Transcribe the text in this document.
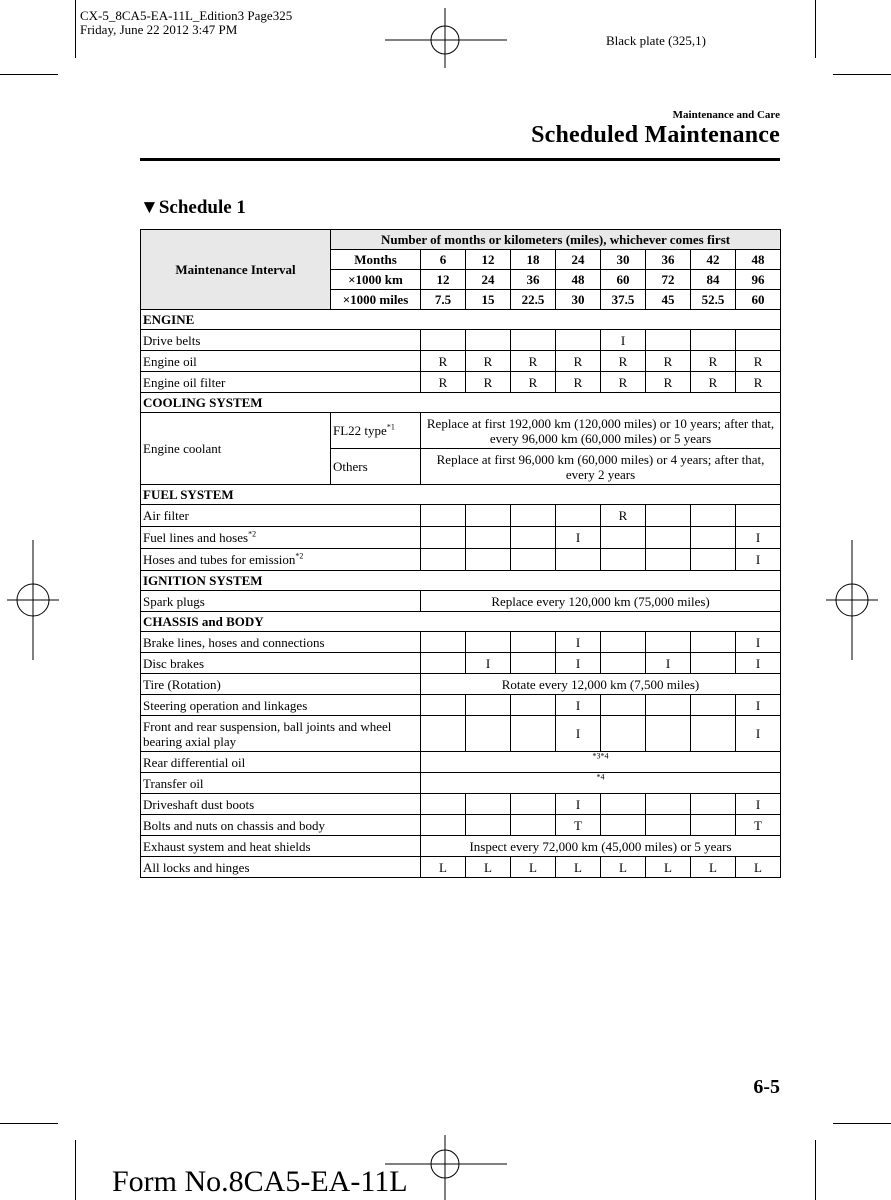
CX-5_8CA5-EA-11L_Edition3 Page325
Friday, June 22 2012 3:47 PM
Black plate (325,1)
Maintenance and Care
Scheduled Maintenance
▼Schedule 1
Maintenance Interval	Number of months or kilometers (miles), whichever comes first								
	Months	6	12	18	24	30	36	42	48
	×1000 km	12	24	36	48	60	72	84	96
	×1000 miles	7.5	15	22.5	30	37.5	45	52.5	60
ENGINE									
Drive belts						I			
Engine oil		R	R	R	R	R	R	R	R
Engine oil filter		R	R	R	R	R	R	R	R
COOLING SYSTEM									
Engine coolant	FL22 type$^{*1}$	Replace at first 192,000 km (120,000 miles) or 10 years; after that, every 96,000 km (60,000 miles) or 5 years							
	Others	Replace at first 96,000 km (60,000 miles) or 4 years; after that, every 2 years							
FUEL SYSTEM									
Air filter						R			
Fuel lines and hoses$^{*2}$					I				I
Hoses and tubes for emission$^{*2}$									I
IGNITION SYSTEM									
Spark plugs		Replace every 120,000 km (75,000 miles)							
CHASSIS and BODY									
Brake lines, hoses and connections					I				I
Disc brakes			I		I		I		I
Tire (Rotation)		Rotate every 12,000 km (7,500 miles)							
Steering operation and linkages					I				I
Front and rear suspension, ball joints and wheel bearing axial play					I				I
Rear differential oil		$^{*3*4}$
Transfer oil		$^{*4}$
Driveshaft dust boots					I				I
Bolts and nuts on chassis and body					T				T
Exhaust system and heat shields		Inspect every 72,000 km (45,000 miles) or 5 years							
All locks and hinges		L	L	L	L	L	L	L	L
6-5
Form No.8CA5-EA-11L
